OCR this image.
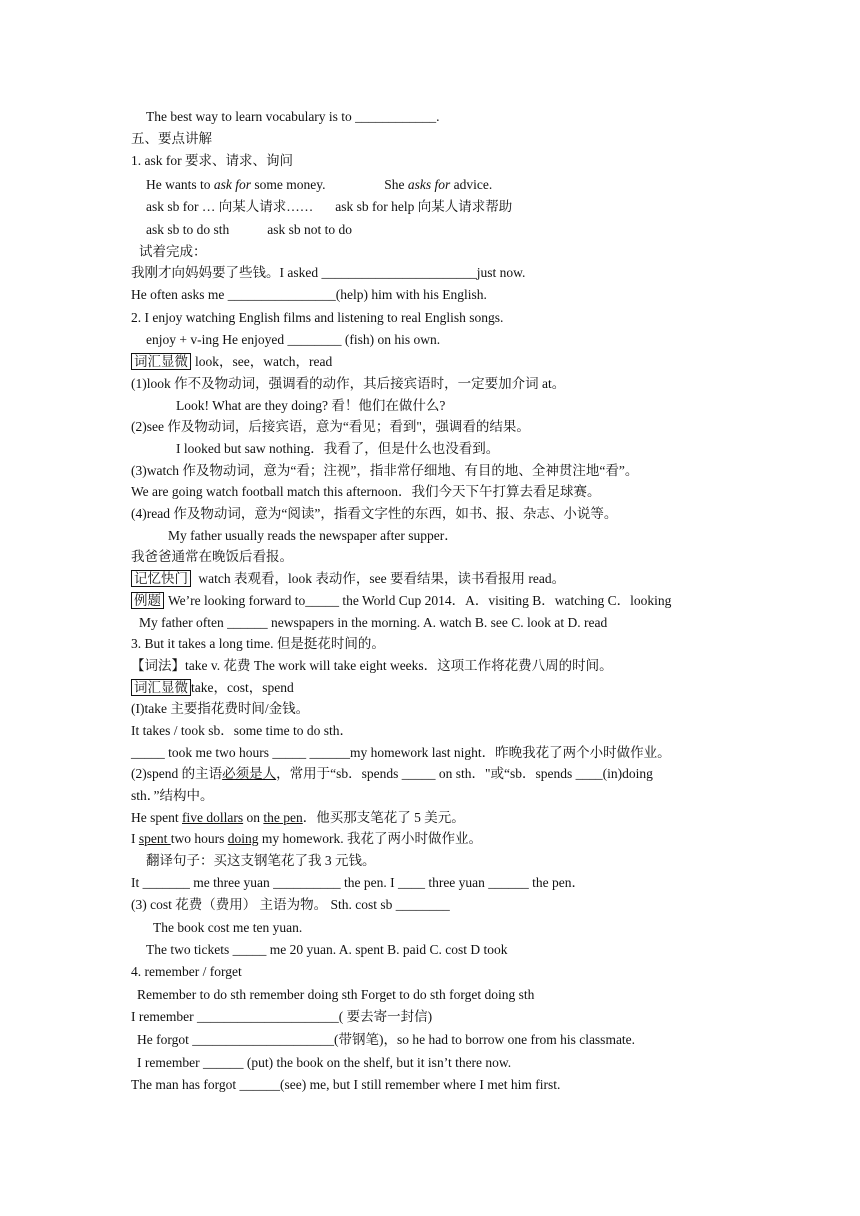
The best way to learn vocabulary is to ____________.
五、要点讲解
1. ask for 要求、请求、询问
He wants to ask for some money.	She asks for advice.
ask sb for … 向某人请求…… ask sb for help 向某人请求帮助
ask sb to do sth	ask sb not to do
试着完成：
我刚才向妈妈要了些钱。I asked _______________________just now.
He often asks me ________________(help) him with his English.
2. I enjoy watching English films and listening to real English songs.
enjoy + v-ing He enjoyed ________ (fish) on his own.
词汇显微 look，see，watch，read
(1)look 作不及物动词，强调看的动作，其后接宾语时，一定要加介词 at。
Look! What are they doing? 看！他们在做什么?
(2)see 作及物动词，后接宾语，意为“看见；看到"，强调看的结果。
I looked but saw nothing．我看了，但是什么也没看到。
(3)watch 作及物动词，意为“看；注视”，指非常仔细地、有目的地、全神贯注地“看”。
We are going watch football match this afternoon．我们今天下午打算去看足球赛。
(4)read 作及物动词，意为“阅读”，指看文字性的东西，如书、报、杂志、小说等。
My father usually reads the newspaper after supper．
我爸爸通常在晚饭后看报。
记忆快门 watch 表观看，look 表动作，see 要看结果，读书看报用 read。
例题 We’re looking forward to_____ the World Cup 2014．A．visiting B．watching C．looking
My father often ______ newspapers in the morning. A. watch B. see C. look at D. read
3. But it takes a long time. 但是挺花时间的。
【词法】take v. 花费 The work will take eight weeks．这项工作将花费八周的时间。
词汇显微 take，cost，spend
(I)take 主要指花费时间/金钱。
It takes / took sb．some time to do sth．
_____ took me two hours _____ ______my homework last night．昨晚我花了两个小时做作业。
(2)spend 的主语必须是人，常用于“sb．spends _____ on sth．"或“sb．spends ____(in)doing
sth．”结构中。
He spent five dollars on the pen．他买那支笔花了 5 美元。
I spent two hours doing my homework. 我花了两小时做作业。
翻译句子：买这支钢笔花了我 3 元钱。
It _______ me three yuan __________ the pen. I ____ three yuan ______ the pen．
(3) cost 花费（费用） 主语为物。 Sth. cost sb ________
The book cost me ten yuan.
The two tickets _____ me 20 yuan. A. spent B. paid C. cost D took
4. remember / forget
Remember to do sth remember doing sth Forget to do sth forget doing sth
I remember _____________________( 要去寄一封信)
He forgot _____________________(带钢笔)，so he had to borrow one from his classmate.
I remember ______ (put) the book on the shelf, but it isn’t there now.
The man has forgot ______(see) me, but I still remember where I met him first.
